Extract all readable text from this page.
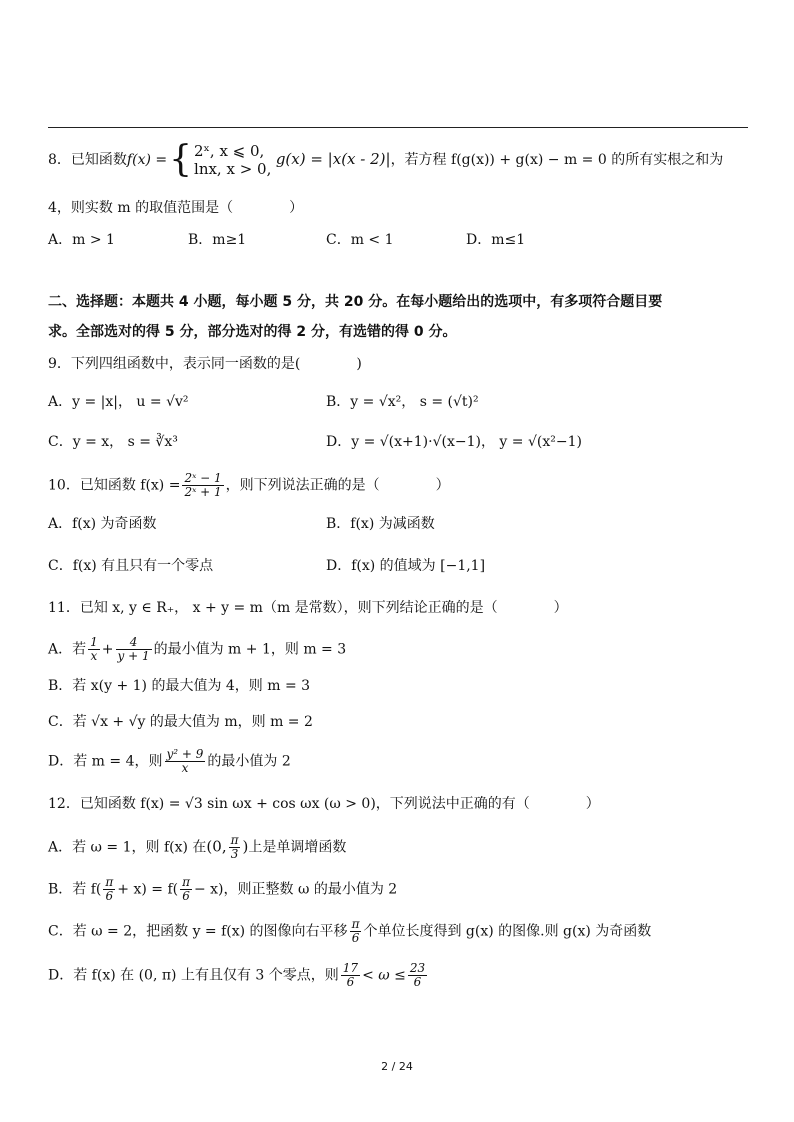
8．已知函数f(x) ={ 2ˣ, x ⩽ 0,
lnx, x > 0,
g(x) = |x(x - 2)|，若方程 f(g(x)) + g(x) − m = 0 的所有实根之和为
4，则实数 m 的取值范围是（　　　　）
A．m > 1	B．m≥1	C．m < 1	D．m≤1
二、选择题：本题共 4 小题，每小题 5 分，共 20 分。在每小题给出的选项中，有多项符合题目要
求。全部选对的得 5 分，部分选对的得 2 分，有选错的得 0 分。
9．下列四组函数中，表示同一函数的是(　　　　)
A．y = |x|， u = √v²	B．y = √x²， s = (√t)²
C．y = x， s = ∛x³	D．y = √(x+1)·√(x−1)， y = √(x²−1)
10．已知函数 $f(x) = \frac{\text{2ˣ − 1}}{\text{2ˣ + 1}}$ ，则下列说法正确的是（　　　　）
A．f(x) 为奇函数	B．f(x) 为减函数
C．f(x) 有且只有一个零点	D．f(x) 的值域为 [−1,1]
11．已知 x, y ∈ R₊， x + y = m（m 是常数），则下列结论正确的是（　　　　）
A．若 $\frac{1}{x} + \frac{4}{y + 1}$ 的最小值为 m + 1，则 m = 3
B．若 x(y + 1) 的最大值为 4，则 m = 3
C．若 √x + √y 的最大值为 m，则 m = 2
D．若 m = 4，则 $\frac{\text{y² + 9}}{x}$ 的最小值为 2
12．已知函数 f(x) = √3 sin ωx + cos ωx (ω > 0)，下列说法中正确的有（　　　　）
A．若 ω = 1，则 f(x) 在(0, $\frac{\pi}{3}$ )上是单调增函数
B．若 $f( \frac{\pi}{6} + x) = f( \frac{\pi}{6} - x)$，则正整数 ω 的最小值为 2
C．若 ω = 2，把函数 y = f(x) 的图像向右平移 $\frac{\pi}{6}$ 个单位长度得到 g(x) 的图像.则 g(x) 为奇函数
D．若 f(x) 在 (0, π) 上有且仅有 3 个零点，则 $\frac{17}{6} < \omega \le \frac{23}{6}$
2 / 24
